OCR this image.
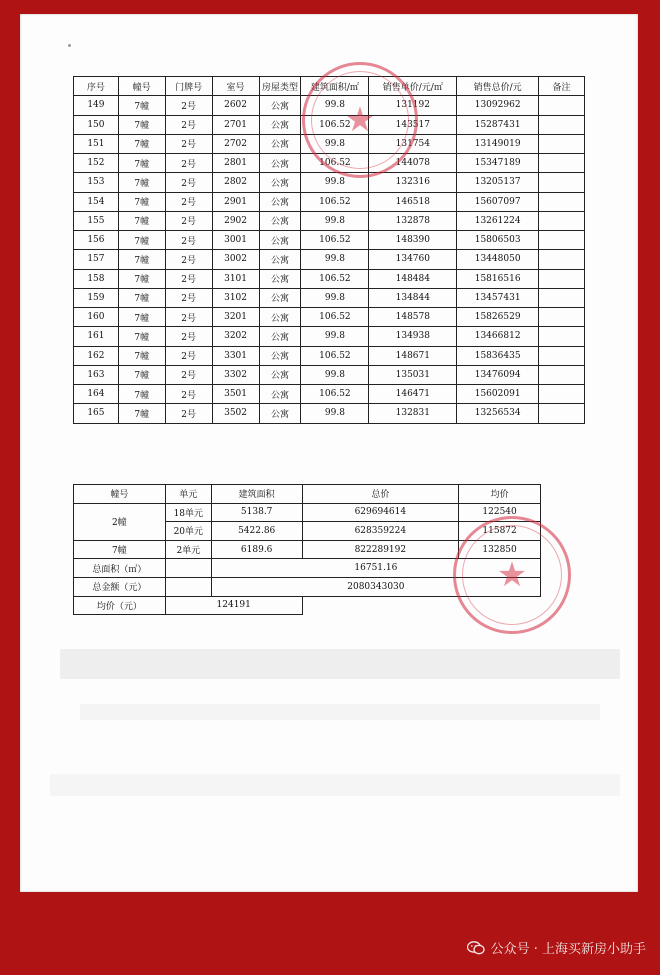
序号	幢号	门牌号	室号	房屋类型	建筑面积/㎡	销售单价/元/㎡	销售总价/元	备注
149	7幢	2号	2602	公寓	99.8	131192	13092962	
150	7幢	2号	2701	公寓	106.52	143517	15287431	
151	7幢	2号	2702	公寓	99.8	131754	13149019	
152	7幢	2号	2801	公寓	106.52	144078	15347189	
153	7幢	2号	2802	公寓	99.8	132316	13205137	
154	7幢	2号	2901	公寓	106.52	146518	15607097	
155	7幢	2号	2902	公寓	99.8	132878	13261224	
156	7幢	2号	3001	公寓	106.52	148390	15806503	
157	7幢	2号	3002	公寓	99.8	134760	13448050	
158	7幢	2号	3101	公寓	106.52	148484	15816516	
159	7幢	2号	3102	公寓	99.8	134844	13457431	
160	7幢	2号	3201	公寓	106.52	148578	15826529	
161	7幢	2号	3202	公寓	99.8	134938	13466812	
162	7幢	2号	3301	公寓	106.52	148671	15836435	
163	7幢	2号	3302	公寓	99.8	135031	13476094	
164	7幢	2号	3501	公寓	106.52	146471	15602091	
165	7幢	2号	3502	公寓	99.8	132831	13256534	
幢号	单元	建筑面积	总价	均价
2幢	18单元	5138.7	629694614	122540
	20单元	5422.86	628359224	115872
7幢	2单元	6189.6	822289192	132850
总面积（㎡）		16751.16		
总金额（元）		2080343030		
均价（元）	124191			
★
★
公众号 · 上海买新房小助手
